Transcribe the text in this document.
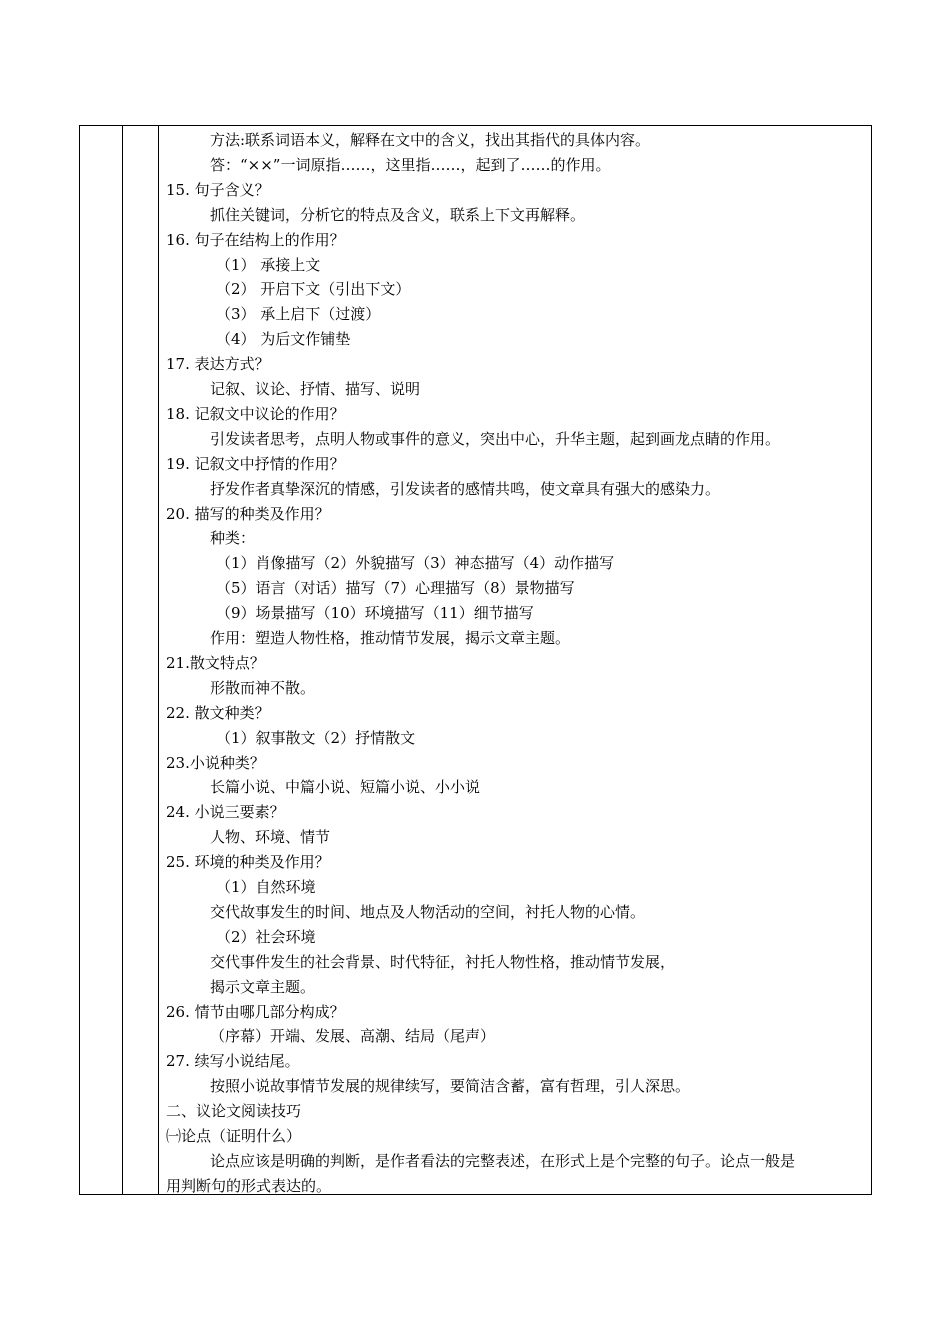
方法:联系词语本义，解释在文中的含义，找出其指代的具体内容。
答：“××”一词原指……，这里指……，起到了……的作用。
15. 句子含义？
抓住关键词，分析它的特点及含义，联系上下文再解释。
16. 句子在结构上的作用？
（1） 承接上文
（2） 开启下文（引出下文）
（3） 承上启下（过渡）
（4） 为后文作铺垫
17. 表达方式？
记叙、议论、抒情、描写、说明
18. 记叙文中议论的作用？
引发读者思考，点明人物或事件的意义，突出中心，升华主题，起到画龙点睛的作用。
19. 记叙文中抒情的作用？
抒发作者真挚深沉的情感，引发读者的感情共鸣，使文章具有强大的感染力。
20. 描写的种类及作用？
种类：
（1）肖像描写（2）外貌描写（3）神态描写（4）动作描写
（5）语言（对话）描写（7）心理描写（8）景物描写
（9）场景描写（10）环境描写（11）细节描写
作用：塑造人物性格，推动情节发展，揭示文章主题。
21.散文特点？
形散而神不散。
22. 散文种类？
（1）叙事散文（2）抒情散文
23.小说种类？
长篇小说、中篇小说、短篇小说、小小说
24. 小说三要素？
人物、环境、情节
25. 环境的种类及作用？
（1）自然环境
交代故事发生的时间、地点及人物活动的空间，衬托人物的心情。
（2）社会环境
交代事件发生的社会背景、时代特征，衬托人物性格，推动情节发展，
揭示文章主题。
26. 情节由哪几部分构成？
（序幕）开端、发展、高潮、结局（尾声）
27. 续写小说结尾。
按照小说故事情节发展的规律续写，要简洁含蓄，富有哲理，引人深思。
二、议论文阅读技巧
㈠论点（证明什么）
论点应该是明确的判断，是作者看法的完整表述，在形式上是个完整的句子。论点一般是
用判断句的形式表达的。
